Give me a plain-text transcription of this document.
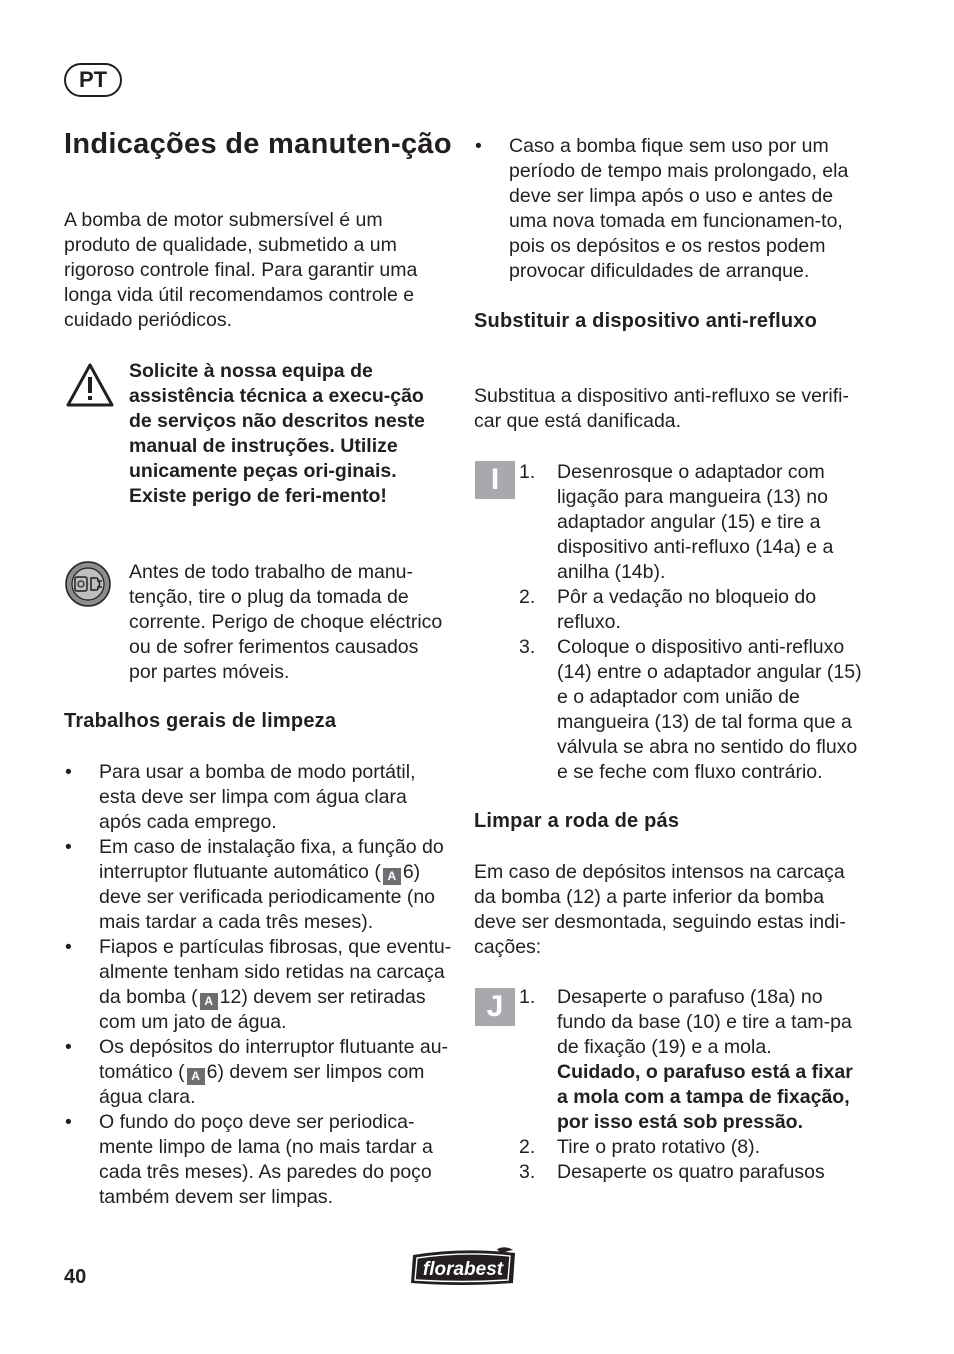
PT
Indicações de manuten-ção

A bomba de motor submersível é um produto de qualidade, submetido a um rigoroso controle final. Para garantir uma longa vida útil recomendamos controle e cuidado periódicos.

Solicite à nossa equipa de assistência técnica a execu-ção de serviços não descritos neste manual de instruções. Utilize unicamente peças ori-ginais. Existe perigo de feri-mento!

Antes de todo trabalho de manu-tenção, tire o plug da tomada de corrente. Perigo de choque eléctrico ou de sofrer ferimentos causados por partes móveis.

Trabalhos gerais de limpeza
• Para usar a bomba de modo portátil, esta deve ser limpa com água clara após cada emprego.
• Em caso de instalação fixa, a função do interruptor flutuante automático ( A 6) deve ser verificada periodicamente (no mais tardar a cada três meses).
• Fiapos e partículas fibrosas, que eventu-almente tenham sido retidas na carcaça da bomba ( A 12) devem ser retiradas com um jato de água.
• Os depósitos do interruptor flutuante au-tomático ( A 6) devem ser limpos com água clara.
• O fundo do poço deve ser periodica-mente limpo de lama (no mais tardar a cada três meses). As paredes do poço também devem ser limpas.
• Caso a bomba fique sem uso por um período de tempo mais prolongado, ela deve ser limpa após o uso e antes de uma nova tomada em funcionamen-to, pois os depósitos e os restos podem provocar dificuldades de arranque.
Substituir a dispositivo anti-refluxo

Substitua a dispositivo anti-refluxo se verifi-car que está danificada.

I	1. Desenrosque o adaptador com ligação para mangueira (13) no adaptador angular (15) e tire a dispositivo anti-refluxo (14a) e a anilha (14b).
2. Pôr a vedação no bloqueio do refluxo.
3. Coloque o dispositivo anti-refluxo (14) entre o adaptador angular (15) e o adaptador com união de mangueira (13) de tal forma que a válvula se abra no sentido do fluxo e se feche com fluxo contrário.
Limpar a roda de pás

Em caso de depósitos intensos na carcaça da bomba (12) a parte inferior da bomba deve ser desmontada, seguindo estas indi-cações:

J 1. Desaperte o parafuso (18a) no fundo da base (10) e tire a tam-pa de fixação (19) e a mola.
Cuidado, o parafuso está a fixar a mola com a tampa de fixação, por isso está sob pressão.
2. Tire o prato rotativo (8).
3. Desaperte os quatro parafusos
40	florabest
